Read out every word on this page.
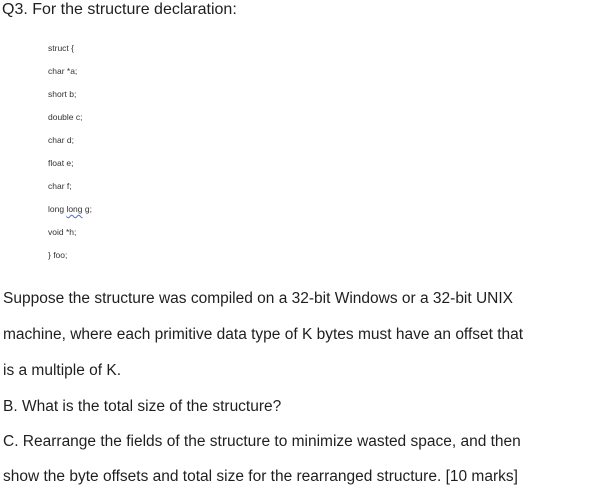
Q3. For the structure declaration:
struct {
char *a;
short b;
double c;
char d;
float e;
char f;
long long g;
void *h;
} foo;
Suppose the structure was compiled on a 32-bit Windows or a 32-bit UNIX
machine, where each primitive data type of K bytes must have an offset that
is a multiple of K.
B. What is the total size of the structure?
C. Rearrange the fields of the structure to minimize wasted space, and then
show the byte offsets and total size for the rearranged structure. [10 marks]
